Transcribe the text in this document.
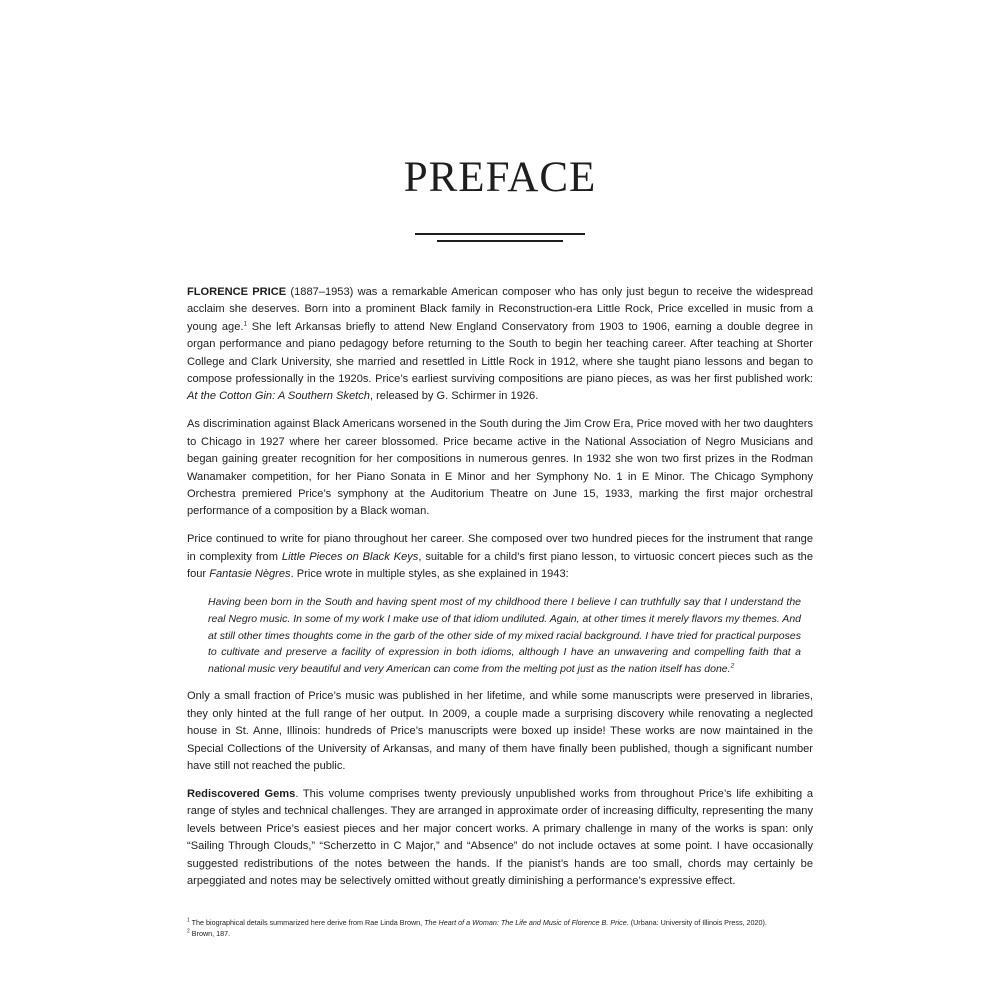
PREFACE

FLORENCE PRICE (1887–1953) was a remarkable American composer who has only just begun to receive the widespread acclaim she deserves. Born into a prominent Black family in Reconstruction-era Little Rock, Price excelled in music from a young age.$^1$ She left Arkansas briefly to attend New England Conservatory from 1903 to 1906, earning a double degree in organ performance and piano pedagogy before returning to the South to begin her teaching career. After teaching at Shorter College and Clark University, she married and resettled in Little Rock in 1912, where she taught piano lessons and began to compose professionally in the 1920s. Price’s earliest surviving compositions are piano pieces, as was her first published work: At the Cotton Gin: A Southern Sketch, released by G. Schirmer in 1926.

As discrimination against Black Americans worsened in the South during the Jim Crow Era, Price moved with her two daughters to Chicago in 1927 where her career blossomed. Price became active in the National Association of Negro Musicians and began gaining greater recognition for her compositions in numerous genres. In 1932 she won two first prizes in the Rodman Wanamaker competition, for her Piano Sonata in E Minor and her Symphony No. 1 in E Minor. The Chicago Symphony Orchestra premiered Price’s symphony at the Auditorium Theatre on June 15, 1933, marking the first major orchestral performance of a composition by a Black woman.

Price continued to write for piano throughout her career. She composed over two hundred pieces for the instrument that range in complexity from Little Pieces on Black Keys, suitable for a child’s first piano lesson, to virtuosic concert pieces such as the four Fantasie Nègres. Price wrote in multiple styles, as she explained in 1943:

Having been born in the South and having spent most of my childhood there I believe I can truthfully say that I understand the real Negro music. In some of my work I make use of that idiom undiluted. Again, at other times it merely flavors my themes. And at still other times thoughts come in the garb of the other side of my mixed racial background. I have tried for practical purposes to cultivate and preserve a facility of expression in both idioms, although I have an unwavering and compelling faith that a national music very beautiful and very American can come from the melting pot just as the nation itself has done.$^2$

Only a small fraction of Price’s music was published in her lifetime, and while some manuscripts were preserved in libraries, they only hinted at the full range of her output. In 2009, a couple made a surprising discovery while renovating a neglected house in St. Anne, Illinois: hundreds of Price’s manuscripts were boxed up inside! These works are now maintained in the Special Collections of the University of Arkansas, and many of them have finally been published, though a significant number have still not reached the public.

Rediscovered Gems. This volume comprises twenty previously unpublished works from throughout Price’s life exhibiting a range of styles and technical challenges. They are arranged in approximate order of increasing difficulty, representing the many levels between Price’s easiest pieces and her major concert works. A primary challenge in many of the works is span: only “Sailing Through Clouds,” “Scherzetto in C Major,” and “Absence” do not include octaves at some point. I have occasionally suggested redistributions of the notes between the hands. If the pianist’s hands are too small, chords may certainly be arpeggiated and notes may be selectively omitted without greatly diminishing a performance’s expressive effect.

$^1$ The biographical details summarized here derive from Rae Linda Brown, The Heart of a Woman: The Life and Music of Florence B. Price. (Urbana: University of Illinois Press, 2020).

$^2$ Brown, 187.
